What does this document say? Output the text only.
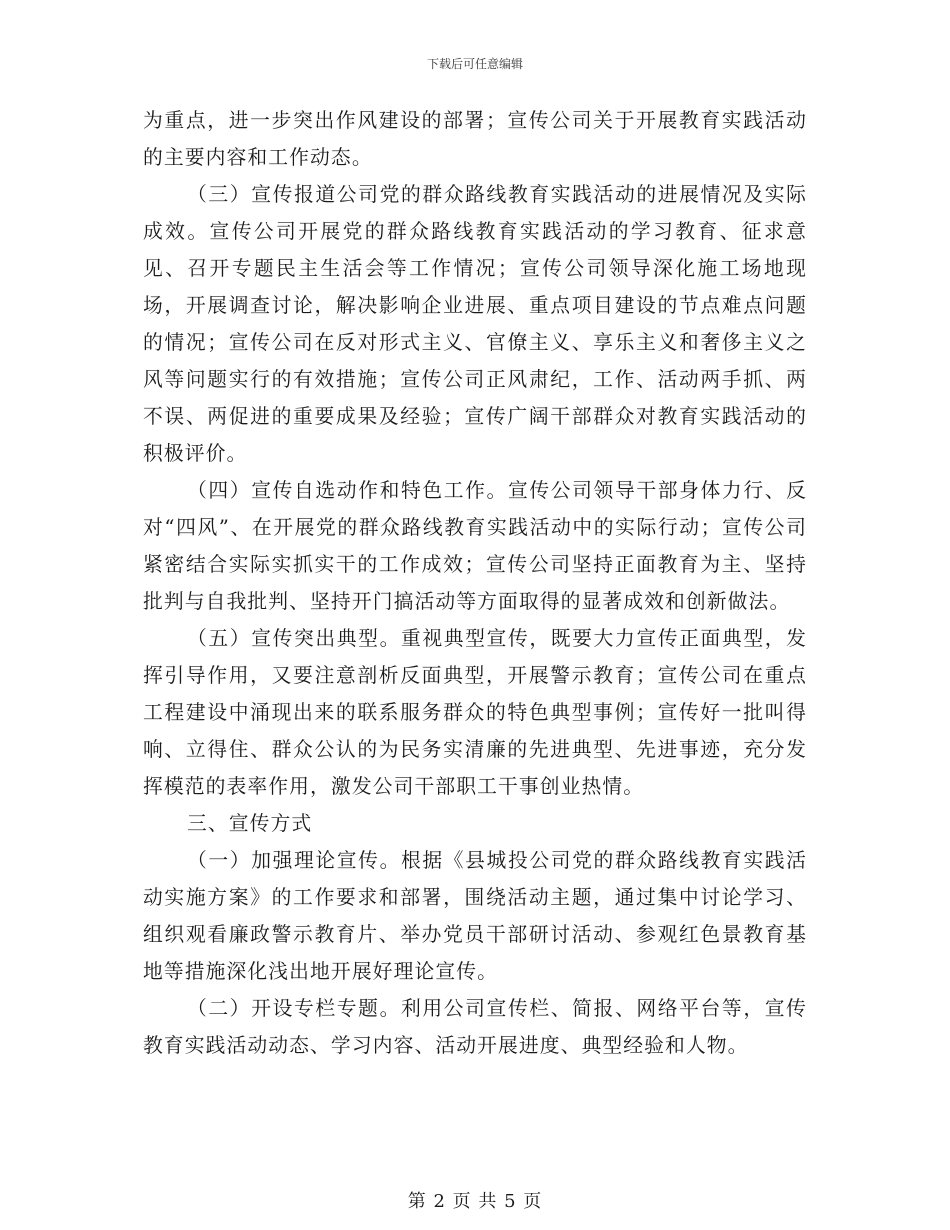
下载后可任意编辑

为重点，进一步突出作风建设的部署；宣传公司关于开展教育实践活动的主要内容和工作动态。

（三）宣传报道公司党的群众路线教育实践活动的进展情况及实际成效。宣传公司开展党的群众路线教育实践活动的学习教育、征求意见、召开专题民主生活会等工作情况；宣传公司领导深化施工场地现场，开展调查讨论，解决影响企业进展、重点项目建设的节点难点问题的情况；宣传公司在反对形式主义、官僚主义、享乐主义和奢侈主义之风等问题实行的有效措施；宣传公司正风肃纪，工作、活动两手抓、两不误、两促进的重要成果及经验；宣传广阔干部群众对教育实践活动的积极评价。

（四）宣传自选动作和特色工作。宣传公司领导干部身体力行、反对“四风”、在开展党的群众路线教育实践活动中的实际行动；宣传公司紧密结合实际实抓实干的工作成效；宣传公司坚持正面教育为主、坚持批判与自我批判、坚持开门搞活动等方面取得的显著成效和创新做法。

（五）宣传突出典型。重视典型宣传，既要大力宣传正面典型，发挥引导作用，又要注意剖析反面典型，开展警示教育；宣传公司在重点工程建设中涌现出来的联系服务群众的特色典型事例；宣传好一批叫得响、立得住、群众公认的为民务实清廉的先进典型、先进事迹，充分发挥模范的表率作用，激发公司干部职工干事创业热情。

三、宣传方式

（一）加强理论宣传。根据《县城投公司党的群众路线教育实践活动实施方案》的工作要求和部署，围绕活动主题，通过集中讨论学习、组织观看廉政警示教育片、举办党员干部研讨活动、参观红色景教育基地等措施深化浅出地开展好理论宣传。

（二）开设专栏专题。利用公司宣传栏、简报、网络平台等，宣传教育实践活动动态、学习内容、活动开展进度、典型经验和人物。

第 2 页 共 5 页
